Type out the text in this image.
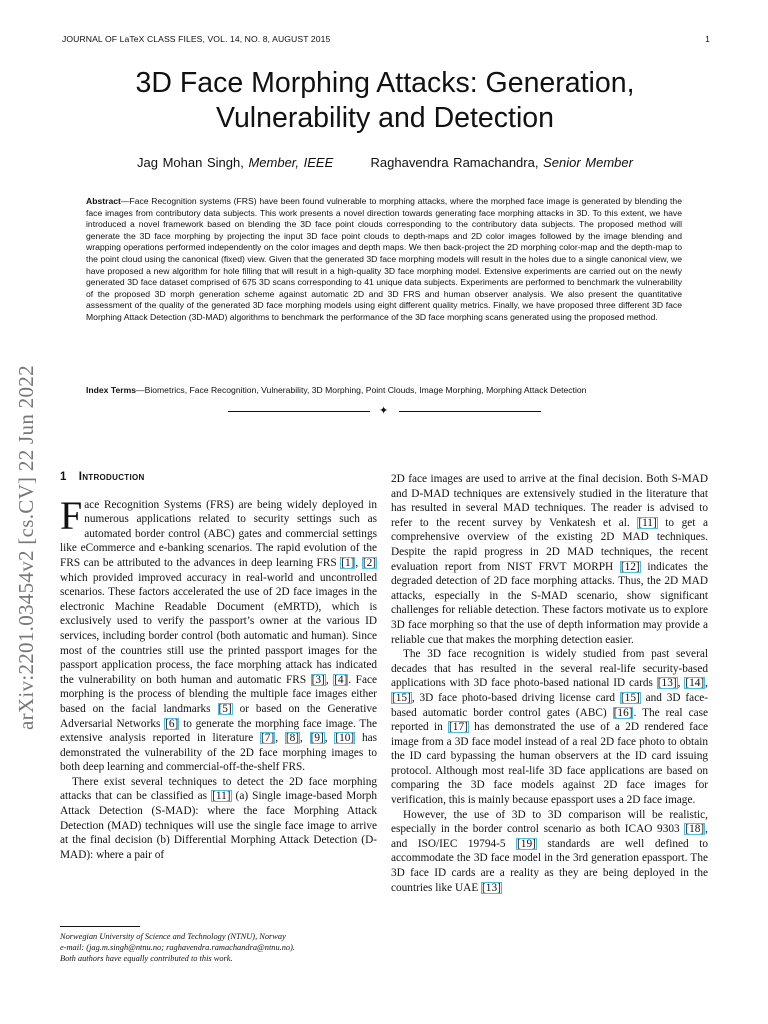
JOURNAL OF LaTeX CLASS FILES, VOL. 14, NO. 8, AUGUST 2015	1
3D Face Morphing Attacks: Generation, Vulnerability and Detection
Jag Mohan Singh, Member, IEEE	Raghavendra Ramachandra, Senior Member

Abstract—Face Recognition systems (FRS) have been found vulnerable to morphing attacks, where the morphed face image is generated by blending the face images from contributory data subjects. This work presents a novel direction towards generating face morphing attacks in 3D. To this extent, we have introduced a novel framework based on blending the 3D face point clouds corresponding to the contributory data subjects. The proposed method will generate the 3D face morphing by projecting the input 3D face point clouds to depth-maps and 2D color images followed by the image blending and wrapping operations performed independently on the color images and depth maps. We then back-project the 2D morphing color-map and the depth-map to the point cloud using the canonical (fixed) view. Given that the generated 3D face morphing models will result in the holes due to a single canonical view, we have proposed a new algorithm for hole filling that will result in a high-quality 3D face morphing model. Extensive experiments are carried out on the newly generated 3D face dataset comprised of 675 3D scans corresponding to 41 unique data subjects. Experiments are performed to benchmark the vulnerability of the proposed 3D morph generation scheme against automatic 2D and 3D FRS and human observer analysis. We also present the quantitative assessment of the quality of the generated 3D face morphing models using eight different quality metrics. Finally, we have proposed three different 3D face Morphing Attack Detection (3D-MAD) algorithms to benchmark the performance of the 3D face morphing scans generated using the proposed method.

Index Terms—Biometrics, Face Recognition, Vulnerability, 3D Morphing, Point Clouds, Image Morphing, Morphing Attack Detection

✦
arXiv:2201.03454v2 [cs.CV] 22 Jun 2022 1 Introduction

Face Recognition Systems (FRS) are being widely deployed in numerous applications related to security settings such as automated border control (ABC) gates and commercial settings like eCommerce and e-banking scenarios. The rapid evolution of the FRS can be attributed to the advances in deep learning FRS [1], [2] which provided improved accuracy in real-world and uncontrolled scenarios. These factors accelerated the use of 2D face images in the electronic Machine Readable Document (eMRTD), which is exclusively used to verify the passport’s owner at the various ID services, including border control (both automatic and human). Since most of the countries still use the printed passport images for the passport application process, the face morphing attack has indicated the vulnerability on both human and automatic FRS [3], [4]. Face morphing is the process of blending the multiple face images either based on the facial landmarks [5] or based on the Generative Adversarial Networks [6] to generate the morphing face image. The extensive analysis reported in literature [7], [8], [9], [10] has demonstrated the vulnerability of the 2D face morphing images to both deep learning and commercial-off-the-shelf FRS.

There exist several techniques to detect the 2D face morphing attacks that can be classified as [11] (a) Single image-based Morph Attack Detection (S-MAD): where the face Morphing Attack Detection (MAD) techniques will use the single face image to arrive at the final decision (b) Differential Morphing Attack Detection (D-MAD): where a pair of

2D face images are used to arrive at the final decision. Both S-MAD and D-MAD techniques are extensively studied in the literature that has resulted in several MAD techniques. The reader is advised to refer to the recent survey by Venkatesh et al. [11] to get a comprehensive overview of the existing 2D MAD techniques. Despite the rapid progress in 2D MAD techniques, the recent evaluation report from NIST FRVT MORPH [12] indicates the degraded detection of 2D face morphing attacks. Thus, the 2D MAD attacks, especially in the S-MAD scenario, show significant challenges for reliable detection. These factors motivate us to explore 3D face morphing so that the use of depth information may provide a reliable cue that makes the morphing detection easier.

The 3D face recognition is widely studied from past several decades that has resulted in the several real-life security-based applications with 3D face photo-based national ID cards [13], [14], [15], 3D face photo-based driving license card [15] and 3D face-based automatic border control gates (ABC) [16]. The real case reported in [17] has demonstrated the use of a 2D rendered face image from a 3D face model instead of a real 2D face photo to obtain the ID card bypassing the human observers at the ID card issuing protocol. Although most real-life 3D face applications are based on comparing the 3D face models against 2D face images for verification, this is mainly because epassport uses a 2D face image.

However, the use of 3D to 3D comparison will be realistic, especially in the border control scenario as both ICAO 9303 [18], and ISO/IEC 19794-5 [19] standards are well defined to accommodate the 3D face model in the 3rd generation epassport. The 3D face ID cards are a reality as they are being deployed in the countries like UAE [13]

Norwegian University of Science and Technology (NTNU), Norway
e-mail: (jag.m.singh@ntnu.no; raghavendra.ramachandra@ntnu.no).
Both authors have equally contributed to this work.
